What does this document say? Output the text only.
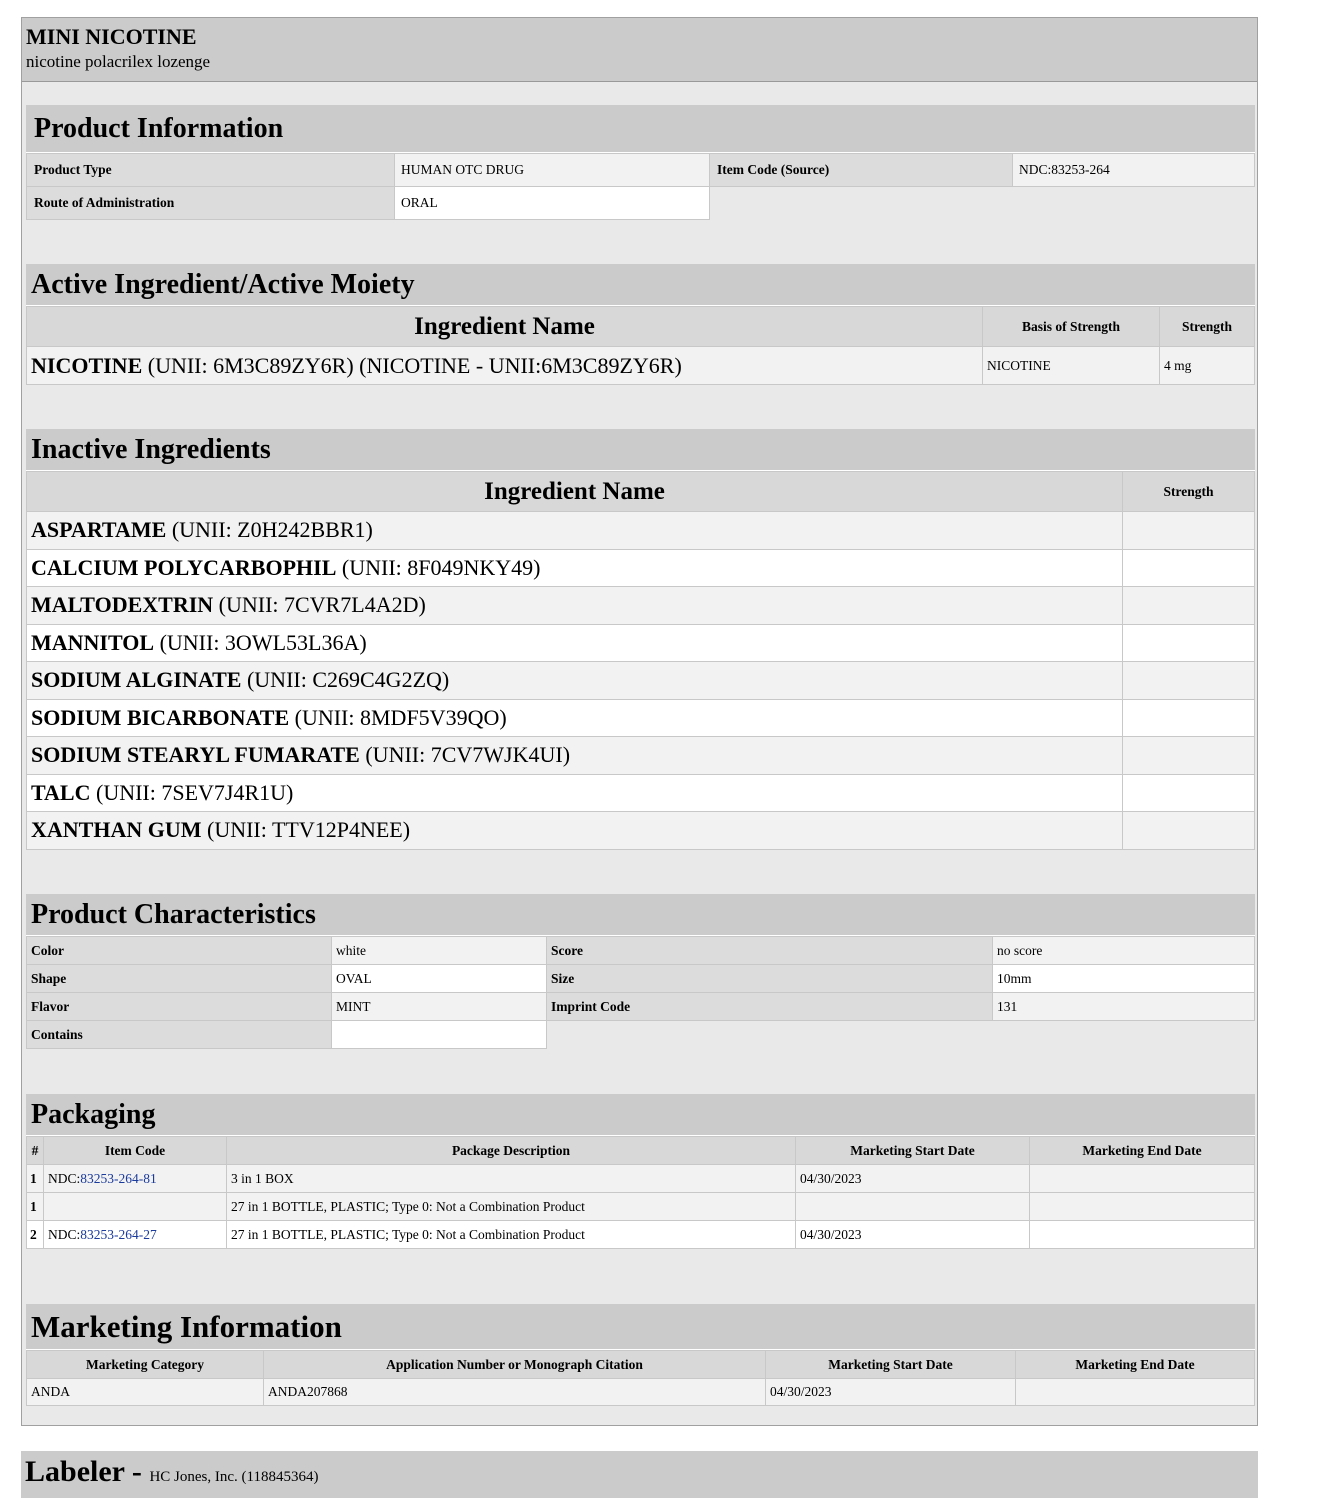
MINI NICOTINE
nicotine polacrilex lozenge
Product Information
Product Type	HUMAN OTC DRUG	Item Code (Source)	NDC:83253-264
Route of Administration	ORAL		
Active Ingredient/Active Moiety
Ingredient Name	Basis of Strength	Strength
NICOTINE (UNII: 6M3C89ZY6R) (NICOTINE - UNII:6M3C89ZY6R)	NICOTINE	4 mg
Inactive Ingredients
Ingredient Name	Strength
ASPARTAME (UNII: Z0H242BBR1)	
CALCIUM POLYCARBOPHIL (UNII: 8F049NKY49)	
MALTODEXTRIN (UNII: 7CVR7L4A2D)	
MANNITOL (UNII: 3OWL53L36A)	
SODIUM ALGINATE (UNII: C269C4G2ZQ)	
SODIUM BICARBONATE (UNII: 8MDF5V39QO)	
SODIUM STEARYL FUMARATE (UNII: 7CV7WJK4UI)	
TALC (UNII: 7SEV7J4R1U)	
XANTHAN GUM (UNII: TTV12P4NEE)	
Product Characteristics
Color	white	Score	no score
Shape	OVAL	Size	10mm
Flavor	MINT	Imprint Code	131
Contains			
Packaging
#	Item Code	Package Description	Marketing Start Date	Marketing End Date
1	NDC:83253-264-81	3 in 1 BOX	04/30/2023	
1		27 in 1 BOTTLE, PLASTIC; Type 0: Not a Combination Product		
2	NDC:83253-264-27	27 in 1 BOTTLE, PLASTIC; Type 0: Not a Combination Product	04/30/2023	
Marketing Information
Marketing Category	Application Number or Monograph Citation	Marketing Start Date	Marketing End Date
ANDA	ANDA207868	04/30/2023	
Labeler - HC Jones, Inc. (118845364)
